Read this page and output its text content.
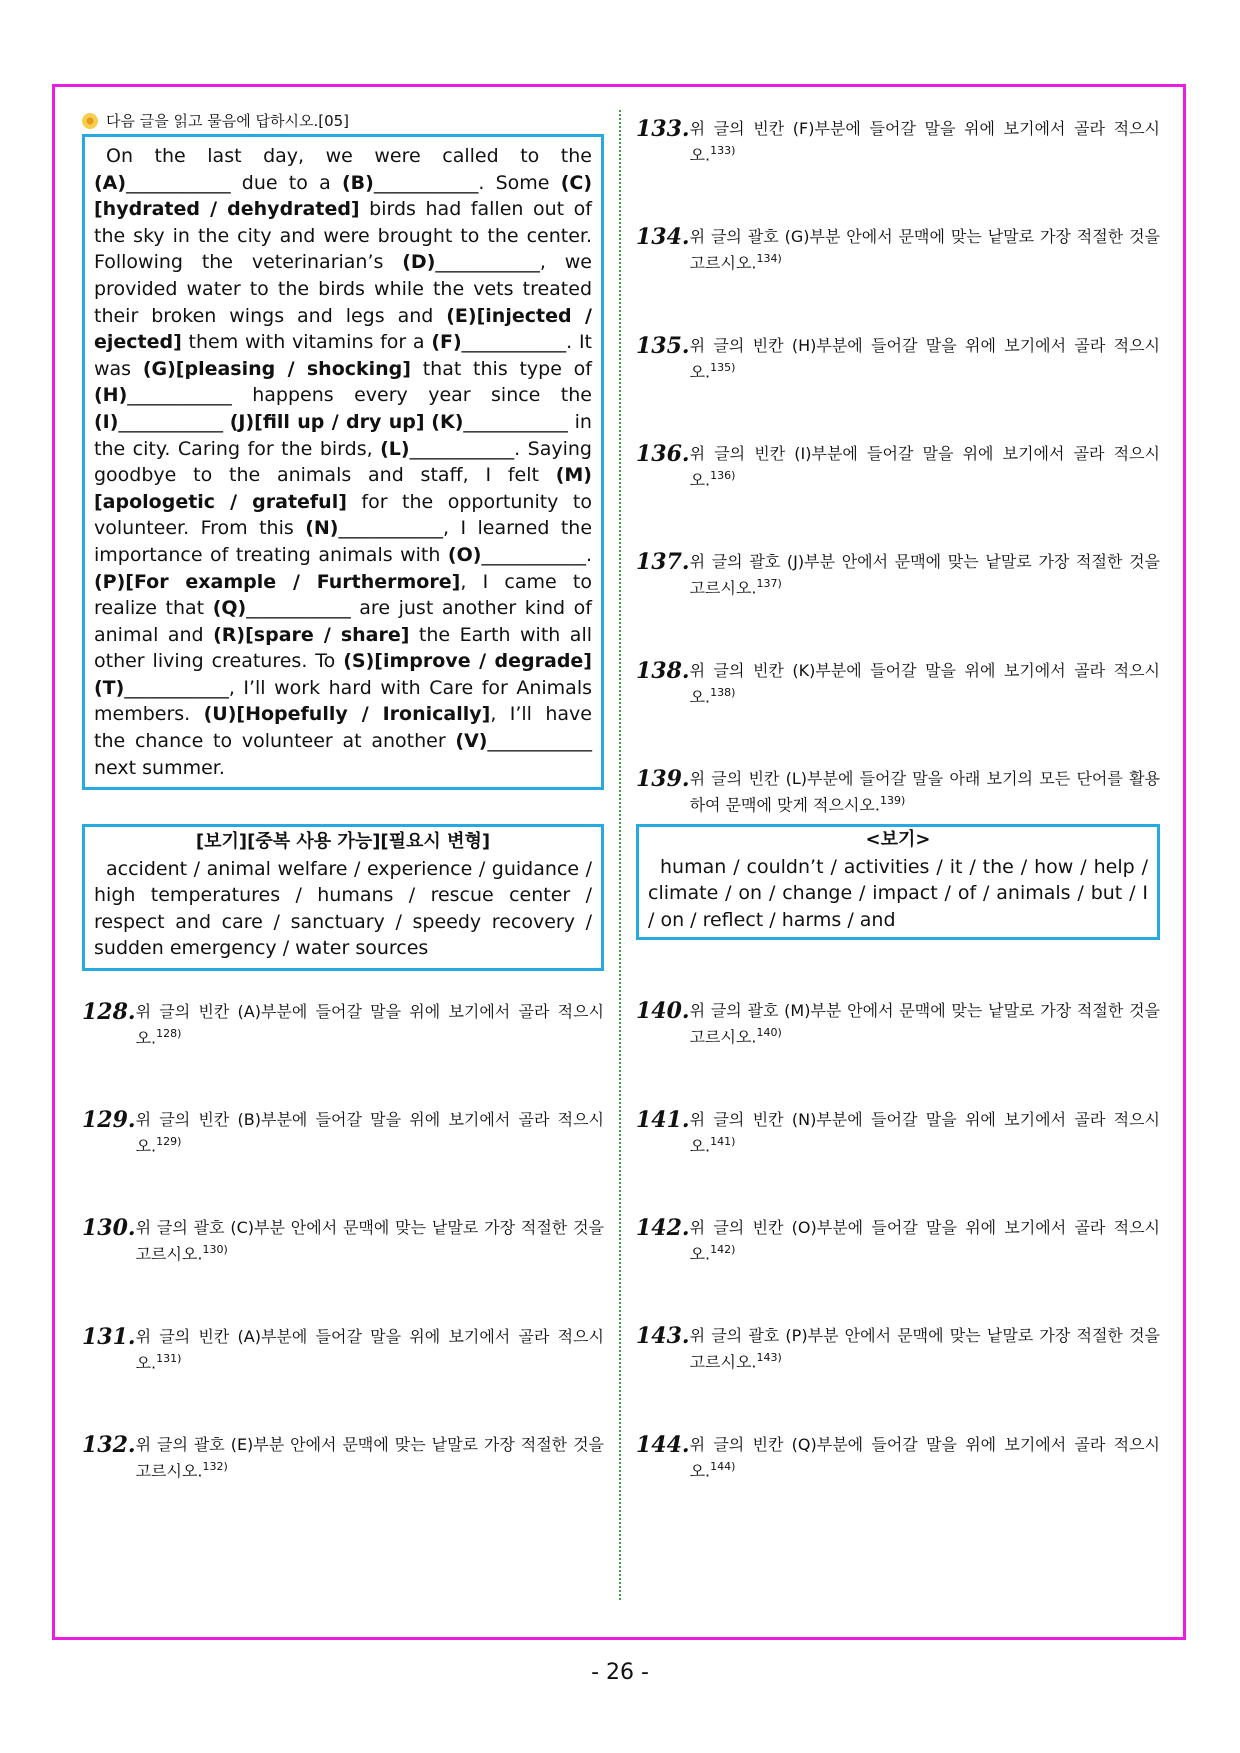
다음 글을 읽고 물음에 답하시오.[05]

On the last day, we were called to the (A)___________ due to a (B)___________. Some (C)[hydrated / dehydrated] birds had fallen out of the sky in the city and were brought to the center. Following the veterinarian’s (D)___________, we provided water to the birds while the vets treated their broken wings and legs and (E)[injected / ejected] them with vitamins for a (F)___________. It was (G)[pleasing / shocking] that this type of (H)___________ happens every year since the (I)___________ (J)[fill up / dry up] (K)___________ in the city. Caring for the birds, (L)___________. Saying goodbye to the animals and staff, I felt (M)[apologetic / grateful] for the opportunity to volunteer. From this (N)___________, I learned the importance of treating animals with (O)___________. (P)[For example / Furthermore], I came to realize that (Q)___________ are just another kind of animal and (R)[spare / share] the Earth with all other living creatures. To (S)[improve / degrade] (T)___________, I’ll work hard with Care for Animals members. (U)[Hopefully / Ironically], I’ll have the chance to volunteer at another (V)___________ next summer.

[보기][중복 사용 가능][필요시 변형]
accident / animal welfare / experience / guidance / high temperatures / humans / rescue center / respect and care / sanctuary / speedy recovery / sudden emergency / water sources
128. 위 글의 빈칸 (A)부분에 들어갈 말을 위에 보기에서 골라 적으시오.$^{128)}$
129. 위 글의 빈칸 (B)부분에 들어갈 말을 위에 보기에서 골라 적으시오.$^{129)}$
130. 위 글의 괄호 (C)부분 안에서 문맥에 맞는 낱말로 가장 적절한 것을 고르시오.$^{130)}$
131. 위 글의 빈칸 (A)부분에 들어갈 말을 위에 보기에서 골라 적으시오.$^{131)}$
132. 위 글의 괄호 (E)부분 안에서 문맥에 맞는 낱말로 가장 적절한 것을 고르시오.$^{132)}$
133. 위 글의 빈칸 (F)부분에 들어갈 말을 위에 보기에서 골라 적으시오.$^{133)}$
134. 위 글의 괄호 (G)부분 안에서 문맥에 맞는 낱말로 가장 적절한 것을 고르시오.$^{134)}$
135. 위 글의 빈칸 (H)부분에 들어갈 말을 위에 보기에서 골라 적으시오.$^{135)}$
136. 위 글의 빈칸 (I)부분에 들어갈 말을 위에 보기에서 골라 적으시오.$^{136)}$
137. 위 글의 괄호 (J)부분 안에서 문맥에 맞는 낱말로 가장 적절한 것을 고르시오.$^{137)}$
138. 위 글의 빈칸 (K)부분에 들어갈 말을 위에 보기에서 골라 적으시오.$^{138)}$
139. 위 글의 빈칸 (L)부분에 들어갈 말을 아래 보기의 모든 단어를 활용하여 문맥에 맞게 적으시오.$^{139)}$
<보기>
human / couldn’t / activities / it / the / how / help / climate / on / change / impact / of / animals / but / I / on / reflect / harms / and
140. 위 글의 괄호 (M)부분 안에서 문맥에 맞는 낱말로 가장 적절한 것을 고르시오.$^{140)}$
141. 위 글의 빈칸 (N)부분에 들어갈 말을 위에 보기에서 골라 적으시오.$^{141)}$
142. 위 글의 빈칸 (O)부분에 들어갈 말을 위에 보기에서 골라 적으시오.$^{142)}$
143. 위 글의 괄호 (P)부분 안에서 문맥에 맞는 낱말로 가장 적절한 것을 고르시오.$^{143)}$
144. 위 글의 빈칸 (Q)부분에 들어갈 말을 위에 보기에서 골라 적으시오.$^{144)}$
- 26 -
